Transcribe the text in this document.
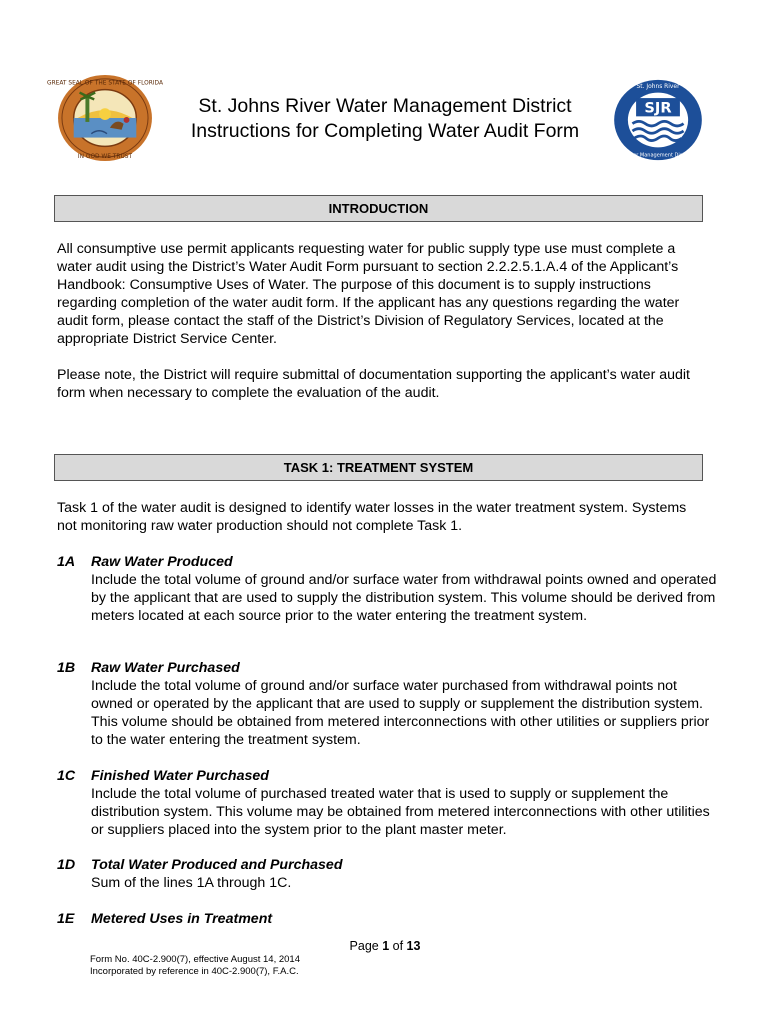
GREAT SEAL OF THE STATE OF FLORIDA
IN GOD WE TRUST
St. Johns River Water Management District
Instructions for Completing Water Audit Form
SJR
St. Johns River
Water Management District
INTRODUCTION

All consumptive use permit applicants requesting water for public supply type use must complete a water audit using the District’s Water Audit Form pursuant to section 2.2.2.5.1.A.4 of the Applicant’s Handbook: Consumptive Uses of Water. The purpose of this document is to supply instructions regarding completion of the water audit form. If the applicant has any questions regarding the water audit form, please contact the staff of the District’s Division of Regulatory Services, located at the appropriate District Service Center.

Please note, the District will require submittal of documentation supporting the applicant’s water audit form when necessary to complete the evaluation of the audit.

TASK 1: TREATMENT SYSTEM

Task 1 of the water audit is designed to identify water losses in the water treatment system. Systems not monitoring raw water production should not complete Task 1.

1A Raw Water Produced
Include the total volume of ground and/or surface water from withdrawal points owned and operated by the applicant that are used to supply the distribution system. This volume should be derived from meters located at each source prior to the water entering the treatment system.
1B Raw Water Purchased
Include the total volume of ground and/or surface water purchased from withdrawal points not owned or operated by the applicant that are used to supply or supplement the distribution system. This volume should be obtained from metered interconnections with other utilities or suppliers prior to the water entering the treatment system.
1C Finished Water Purchased
Include the total volume of purchased treated water that is used to supply or supplement the distribution system. This volume may be obtained from metered interconnections with other utilities or suppliers placed into the system prior to the plant master meter.
1D Total Water Produced and Purchased
Sum of the lines 1A through 1C.
1E Metered Uses in Treatment
Page 1 of 13
Form No. 40C-2.900(7), effective August 14, 2014
Incorporated by reference in 40C-2.900(7), F.A.C.
